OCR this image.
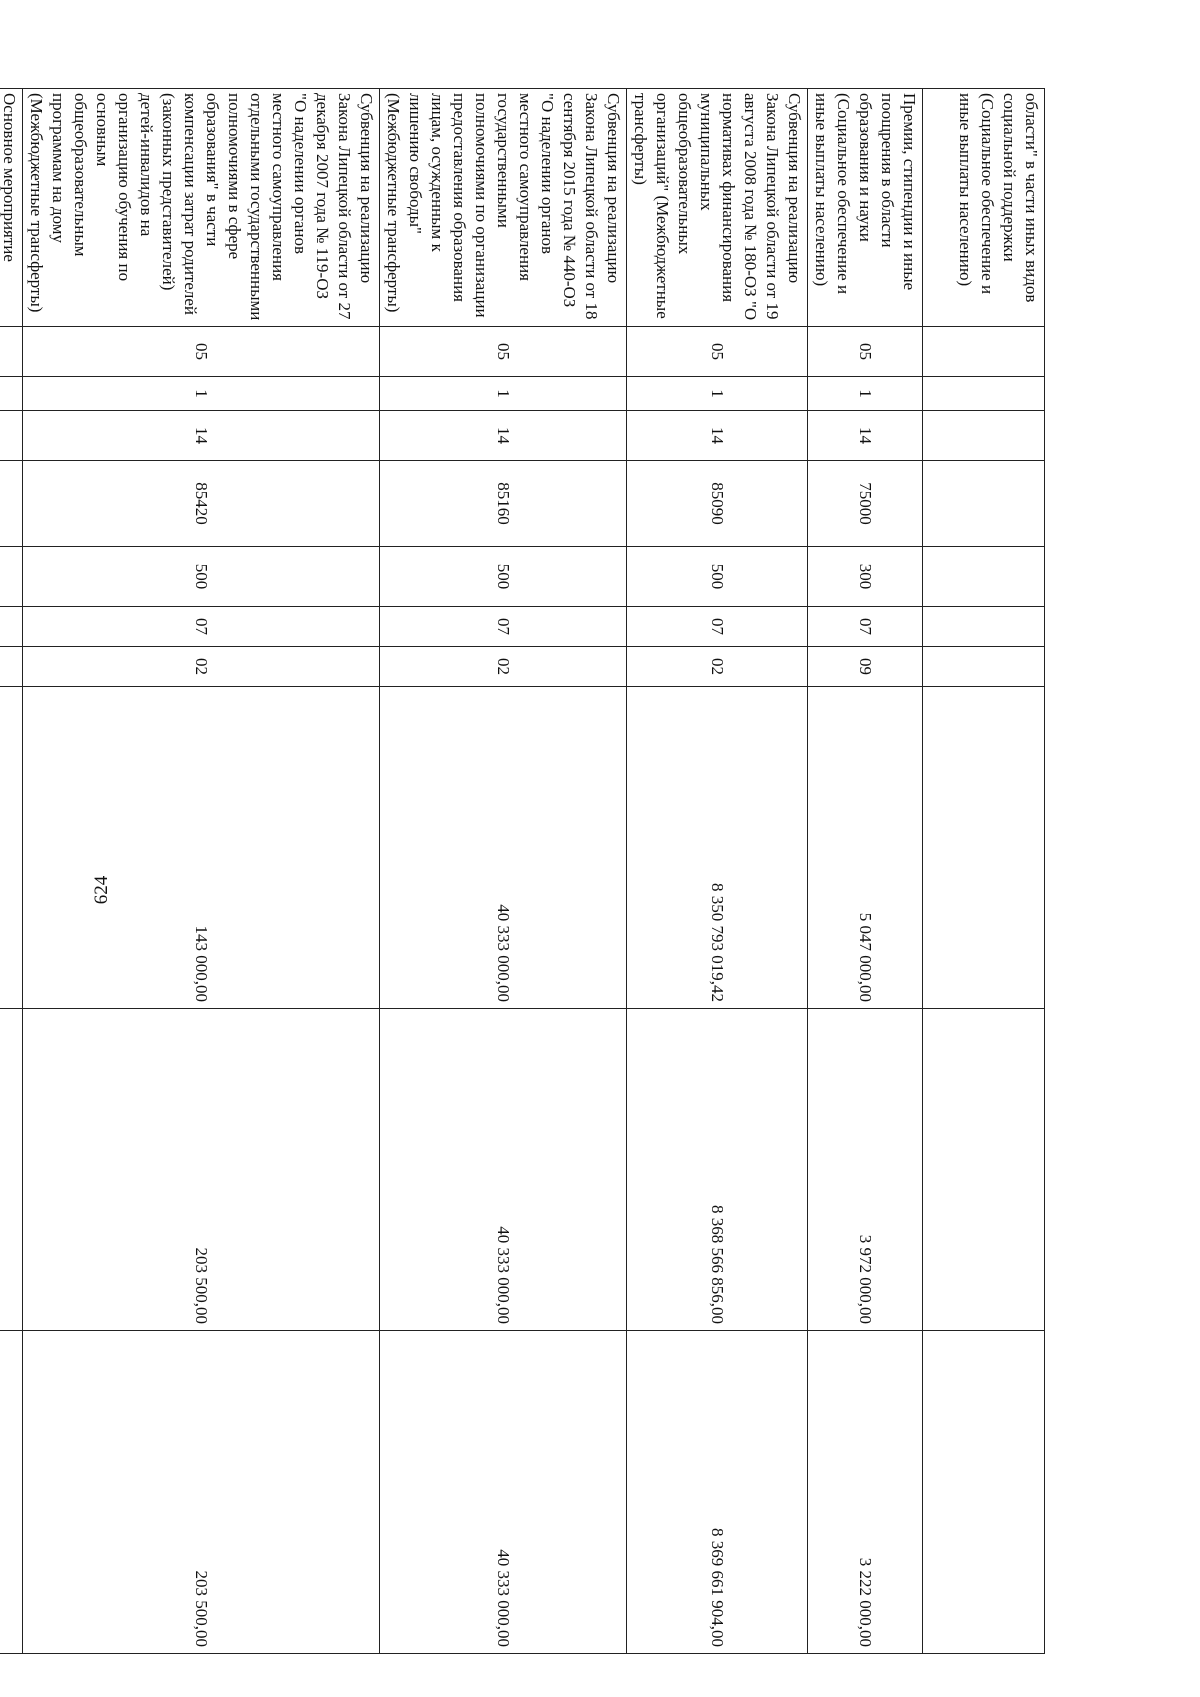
624
области" в части иных видов социальной поддержки (Социальное обеспечение и иные выплаты населению)										
Премии, стипендии и иные поощрения в области образования и науки (Социальное обеспечение и иные выплаты населению)	05	1	14	75000	300	07	09	5 047 000,00	3 972 000,00	3 222 000,00
Субвенция на реализацию Закона Липецкой области от 19 августа 2008 года № 180-ОЗ "О нормативах финансирования муниципальных общеобразовательных организаций" (Межбюджетные трансферты)	05	1	14	85090	500	07	02	8 350 793 019,42	8 368 566 856,00	8 369 661 904,00
Субвенция на реализацию Закона Липецкой области от 18 сентября 2015 года № 440-ОЗ "О наделении органов местного самоуправления государственными полномочиями по организации предоставления образования лицам, осужденным к лишению свободы" (Межбюджетные трансферты)	05	1	14	85160	500	07	02	40 333 000,00	40 333 000,00	40 333 000,00
Субвенция на реализацию Закона Липецкой области от 27 декабря 2007 года № 119-ОЗ "О наделении органов местного самоуправления отдельными государственными полномочиями в сфере образования" в части компенсации затрат родителей (законных представителей) детей-инвалидов на организацию обучения по основным общеобразовательным программам на дому (Межбюджетные трансферты)	05	1	14	85420	500	07	02	143 000,00	203 500,00	203 500,00
Основное мероприятие										
